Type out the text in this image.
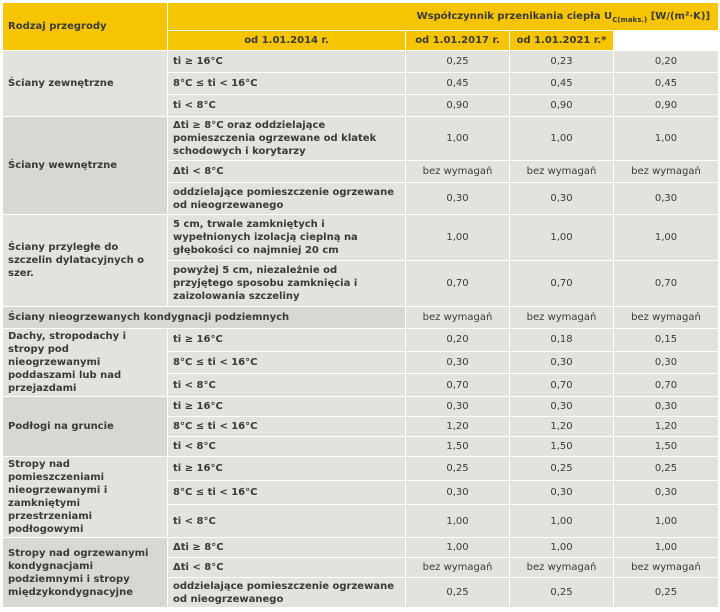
Rodzaj przegrody	Współczynnik przenikania ciepła $U_{C(maks.)}$ [W/(m²·K)]			
	od 1.01.2014 r.	od 1.01.2017 r.	od 1.01.2021 r.*	
Ściany zewnętrzne	ti ≥ 16°C	0,25	0,23	0,20
	8°C ≤ ti < 16°C	0,45	0,45	0,45
	ti < 8°C	0,90	0,90	0,90
Ściany wewnętrzne	Δti ≥ 8°C oraz oddzielające pomieszczenia ogrzewane od klatek schodowych i korytarzy	1,00	1,00	1,00
	Δti < 8°C	bez wymagań	bez wymagań	bez wymagań
	oddzielające pomieszczenie ogrzewane od nieogrzewanego	0,30	0,30	0,30
Ściany przyległe do szczelin dylatacyjnych o szer.	5 cm, trwale zamkniętych i wypełnionych izolacją cieplną na głębokości co najmniej 20 cm	1,00	1,00	1,00
	powyżej 5 cm, niezależnie od przyjętego sposobu zamknięcia i zaizolowania szczeliny	0,70	0,70	0,70
Ściany nieogrzewanych kondygnacji podziemnych		bez wymagań	bez wymagań	bez wymagań
Dachy, stropodachy i stropy pod nieogrzewanymi poddaszami lub nad przejazdami	ti ≥ 16°C	0,20	0,18	0,15
	8°C ≤ ti < 16°C	0,30	0,30	0,30
	ti < 8°C	0,70	0,70	0,70
Podłogi na gruncie	ti ≥ 16°C	0,30	0,30	0,30
	8°C ≤ ti < 16°C	1,20	1,20	1,20
	ti < 8°C	1,50	1,50	1,50
Stropy nad pomieszczeniami nieogrzewanymi i zamkniętymi przestrzeniami podłogowymi	ti ≥ 16°C	0,25	0,25	0,25
	8°C ≤ ti < 16°C	0,30	0,30	0,30
	ti < 8°C	1,00	1,00	1,00
Stropy nad ogrzewanymi kondygnacjami podziemnymi i stropy międzykondygnacyjne	Δti ≥ 8°C	1,00	1,00	1,00
	Δti < 8°C	bez wymagań	bez wymagań	bez wymagań
	oddzielające pomieszczenie ogrzewane od nieogrzewanego	0,25	0,25	0,25
